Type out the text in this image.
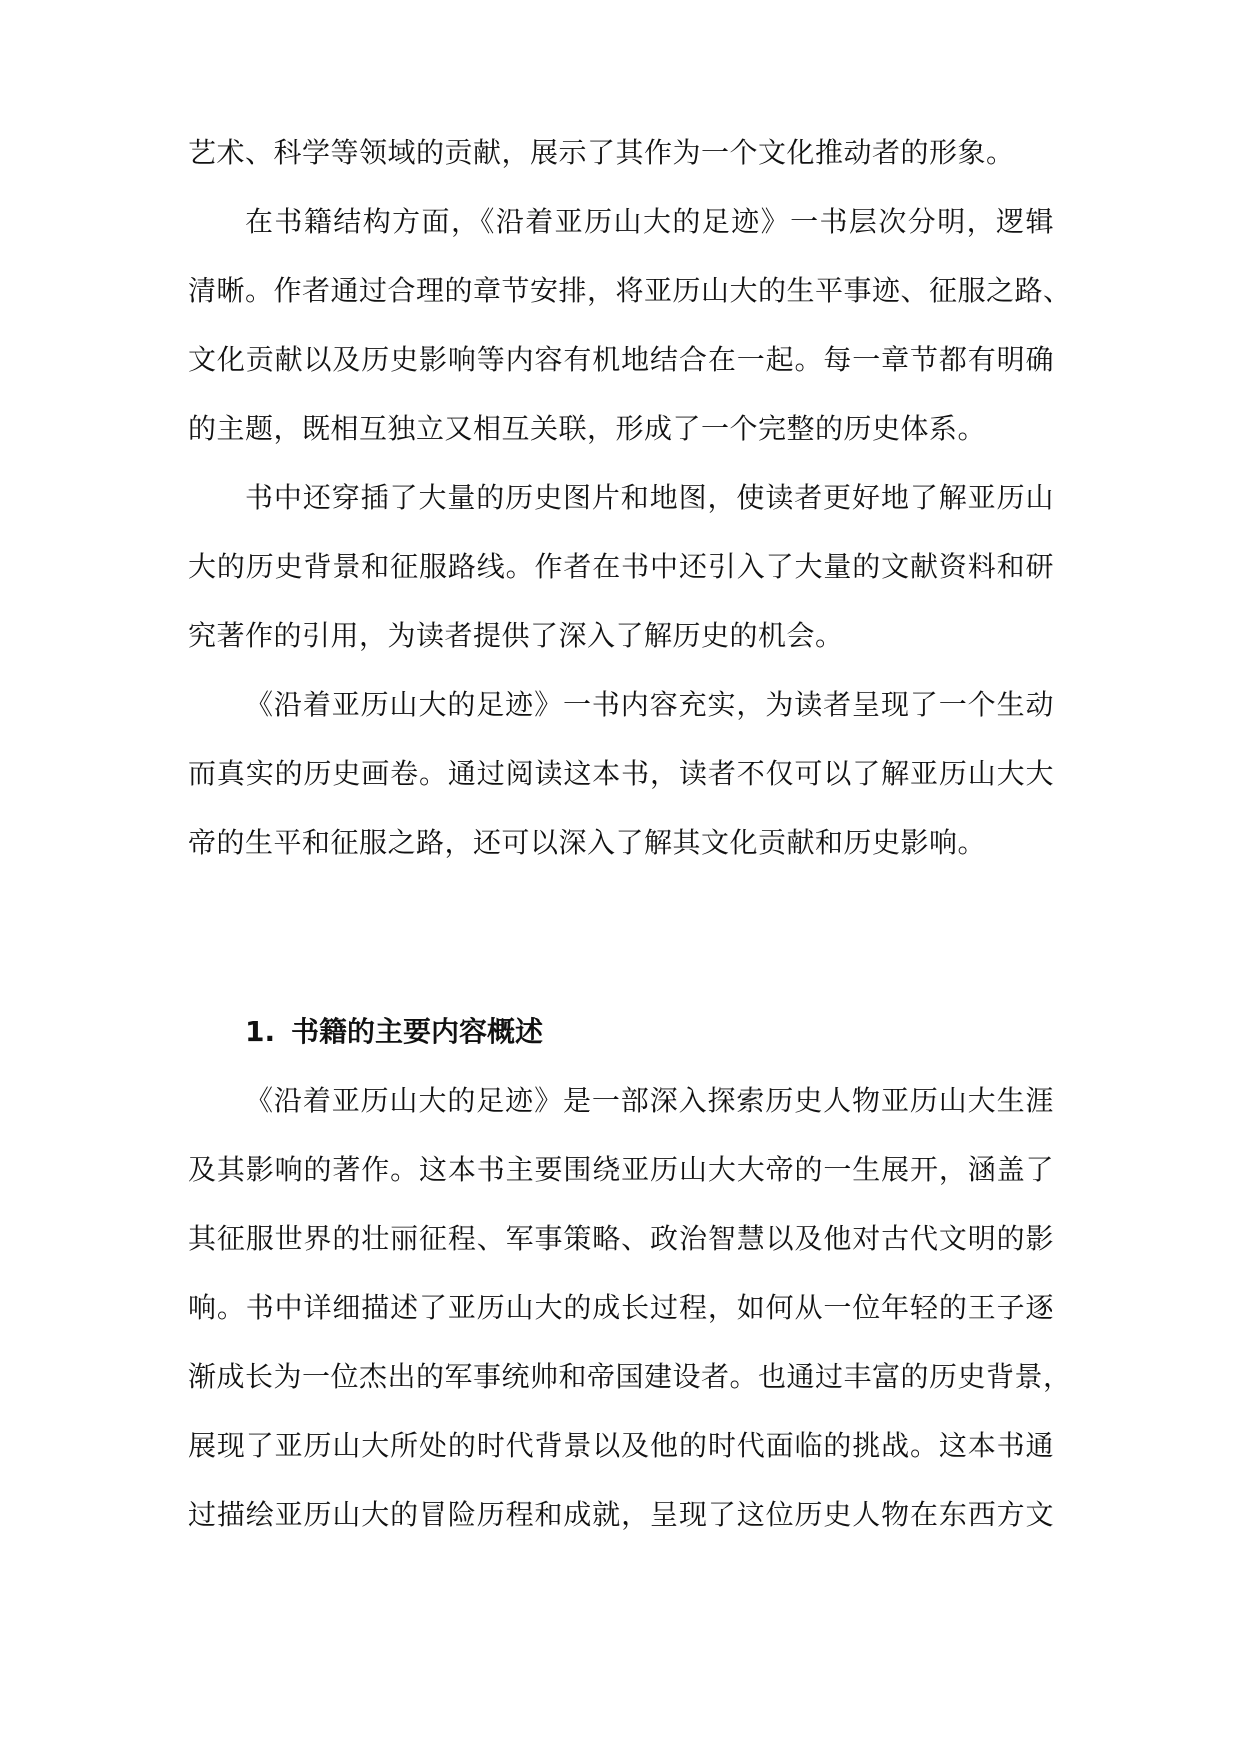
艺术、科学等领域的贡献，展示了其作为一个文化推动者的形象。
在书籍结构方面，《沿着亚历山大的足迹》一书层次分明，逻辑
清晰。作者通过合理的章节安排，将亚历山大的生平事迹、征服之路、
文化贡献以及历史影响等内容有机地结合在一起。每一章节都有明确
的主题，既相互独立又相互关联，形成了一个完整的历史体系。
书中还穿插了大量的历史图片和地图，使读者更好地了解亚历山
大的历史背景和征服路线。作者在书中还引入了大量的文献资料和研
究著作的引用，为读者提供了深入了解历史的机会。
《沿着亚历山大的足迹》一书内容充实，为读者呈现了一个生动
而真实的历史画卷。通过阅读这本书，读者不仅可以了解亚历山大大
帝的生平和征服之路，还可以深入了解其文化贡献和历史影响。
1. 书籍的主要内容概述
《沿着亚历山大的足迹》是一部深入探索历史人物亚历山大生涯
及其影响的著作。这本书主要围绕亚历山大大帝的一生展开，涵盖了
其征服世界的壮丽征程、军事策略、政治智慧以及他对古代文明的影
响。书中详细描述了亚历山大的成长过程，如何从一位年轻的王子逐
渐成长为一位杰出的军事统帅和帝国建设者。也通过丰富的历史背景，
展现了亚历山大所处的时代背景以及他的时代面临的挑战。这本书通
过描绘亚历山大的冒险历程和成就，呈现了这位历史人物在东西方文
